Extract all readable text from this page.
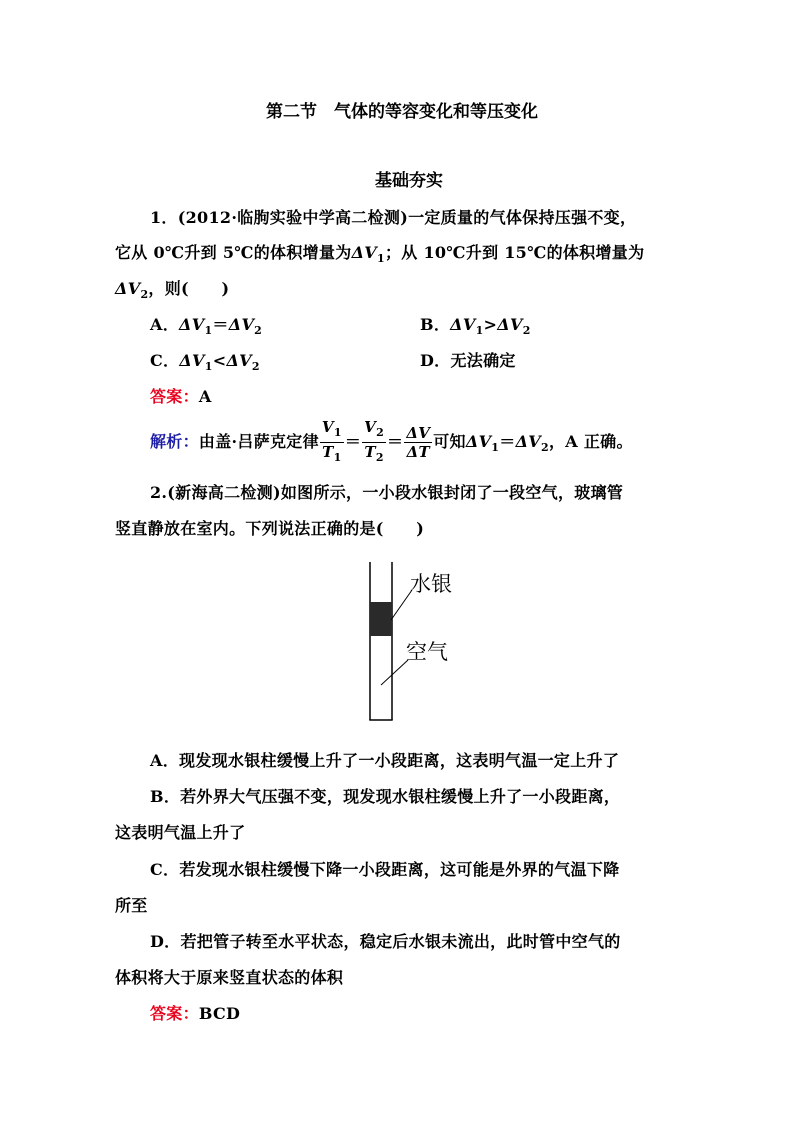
第二节　气体的等容变化和等压变化
基础夯实
1．(2012·临朐实验中学高二检测)一定质量的气体保持压强不变，
它从 0℃升到 5℃的体积增量为$\Delta V_1$；从 10℃升到 15℃的体积增量为
$\Delta V_2$，则(　　)
A．$\Delta V_1=\Delta V_2$	B．$\Delta V_1>\Delta V_2$
C．$\Delta V_1<\Delta V_2$	D．无法确定
答案：A
解析：由盖·吕萨克定律 $\frac{V_1}{T_1} = \frac{V_2}{T_2} = \frac{\Delta V}{\Delta T}$ 可知$\Delta V_1=\Delta V_2$，A 正确。
2.(新海高二检测)如图所示，一小段水银封闭了一段空气，玻璃管
竖直静放在室内。下列说法正确的是(　　)
水银
空气
A．现发现水银柱缓慢上升了一小段距离，这表明气温一定上升了
B．若外界大气压强不变，现发现水银柱缓慢上升了一小段距离，
这表明气温上升了
C．若发现水银柱缓慢下降一小段距离，这可能是外界的气温下降
所至
D．若把管子转至水平状态，稳定后水银未流出，此时管中空气的
体积将大于原来竖直状态的体积
答案：BCD
